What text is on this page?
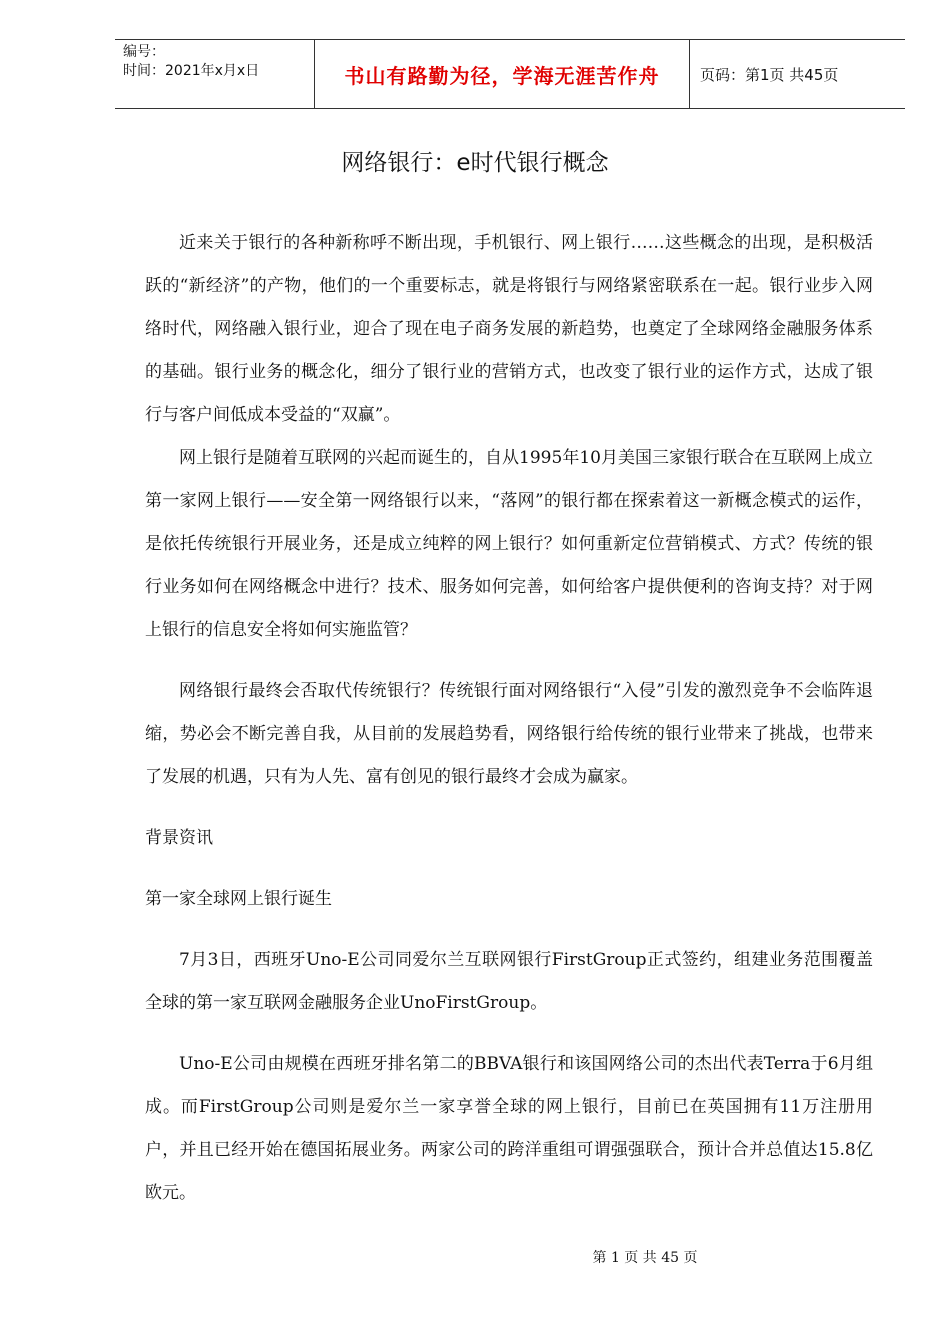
编号：
时间：2021年x月x日	书山有路勤为径，学海无涯苦作舟	页码：第1页 共45页
网络银行：e时代银行概念

近来关于银行的各种新称呼不断出现，手机银行、网上银行……这些概念的出现，是积极活跃的“新经济”的产物，他们的一个重要标志，就是将银行与网络紧密联系在一起。银行业步入网络时代，网络融入银行业，迎合了现在电子商务发展的新趋势，也奠定了全球网络金融服务体系的基础。银行业务的概念化，细分了银行业的营销方式，也改变了银行业的运作方式，达成了银行与客户间低成本受益的“双赢”。

网上银行是随着互联网的兴起而诞生的，自从1995年10月美国三家银行联合在互联网上成立第一家网上银行——安全第一网络银行以来，“落网”的银行都在探索着这一新概念模式的运作，是依托传统银行开展业务，还是成立纯粹的网上银行？如何重新定位营销模式、方式？传统的银行业务如何在网络概念中进行？技术、服务如何完善，如何给客户提供便利的咨询支持？对于网上银行的信息安全将如何实施监管？

网络银行最终会否取代传统银行？传统银行面对网络银行“入侵”引发的激烈竞争不会临阵退缩，势必会不断完善自我，从目前的发展趋势看，网络银行给传统的银行业带来了挑战，也带来了发展的机遇，只有为人先、富有创见的银行最终才会成为赢家。

背景资讯

第一家全球网上银行诞生

7月3日，西班牙Uno-E公司同爱尔兰互联网银行FirstGroup正式签约，组建业务范围覆盖全球的第一家互联网金融服务企业UnoFirstGroup。

Uno-E公司由规模在西班牙排名第二的BBVA银行和该国网络公司的杰出代表Terra于6月组成。而FirstGroup公司则是爱尔兰一家享誉全球的网上银行，目前已在英国拥有11万注册用户，并且已经开始在德国拓展业务。两家公司的跨洋重组可谓强强联合，预计合并总值达15.8亿欧元。

第 1 页 共 45 页
